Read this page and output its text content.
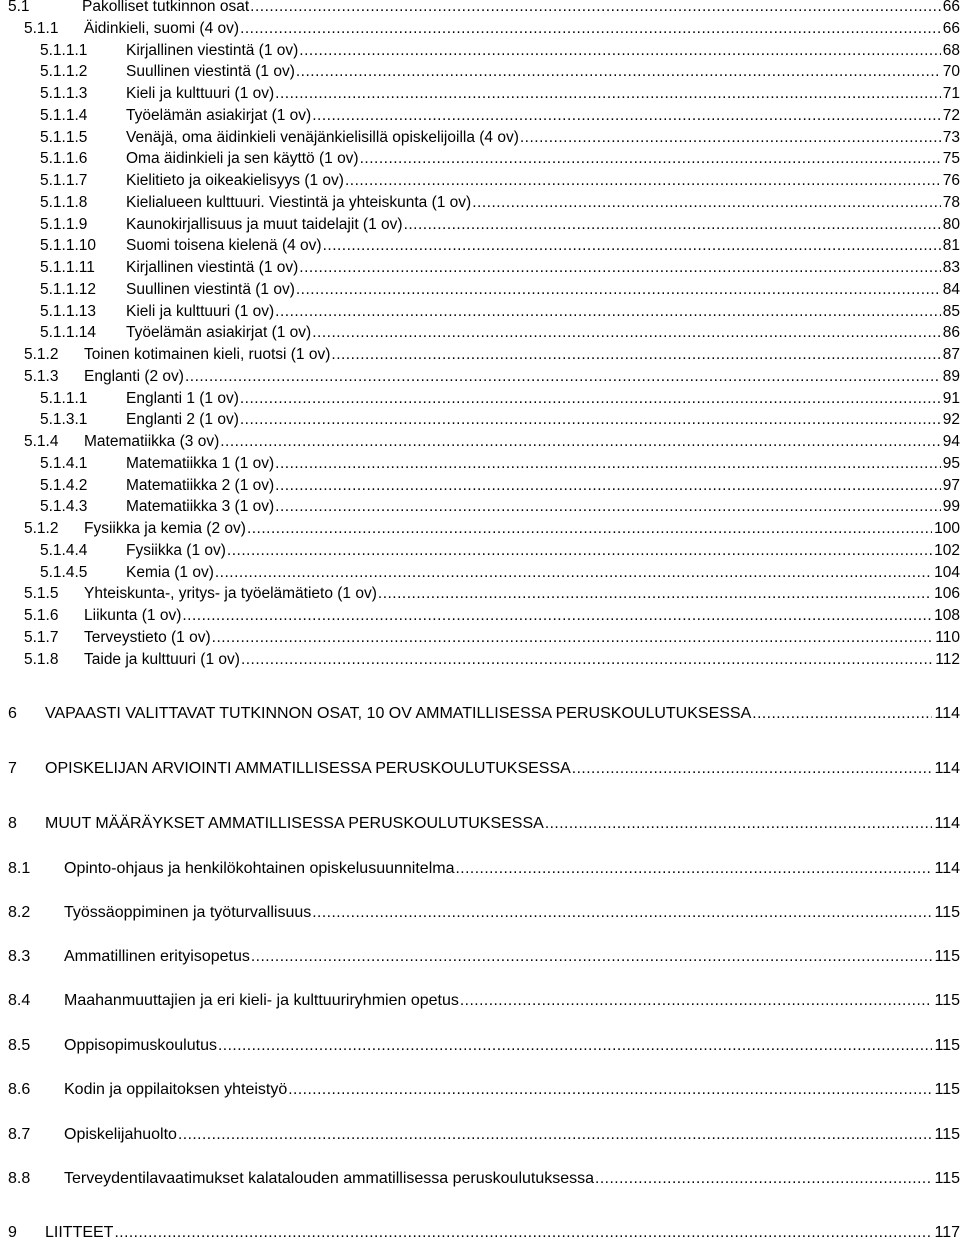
5.1	Pakolliset tutkinnon osat .....	66
5.1.1 Äidinkieli, suomi (4 ov) .....	66
5.1.1.1 Kirjallinen viestintä (1 ov) .....	68
5.1.1.2 Suullinen viestintä (1 ov) .....	70
5.1.1.3 Kieli ja kulttuuri (1 ov) .....	71
5.1.1.4 Työelämän asiakirjat (1 ov) .....	72
5.1.1.5 Venäjä, oma äidinkieli venäjänkielisillä opiskelijoilla (4 ov) .....	73
5.1.1.6 Oma äidinkieli ja sen käyttö (1 ov) .....	75
5.1.1.7 Kielitieto ja oikeakielisyys (1 ov) .....	76
5.1.1.8 Kielialueen kulttuuri. Viestintä ja yhteiskunta (1 ov) .....	78
5.1.1.9 Kaunokirjallisuus ja muut taidelajit (1 ov) .....	80
5.1.1.10 Suomi toisena kielenä (4 ov) .....	81
5.1.1.11 Kirjallinen viestintä (1 ov) .....	83
5.1.1.12 Suullinen viestintä (1 ov) .....	84
5.1.1.13 Kieli ja kulttuuri (1 ov) .....	85
5.1.1.14 Työelämän asiakirjat (1 ov) .....	86
5.1.2 Toinen kotimainen kieli, ruotsi (1 ov) .....	87
5.1.3 Englanti (2 ov) .....	89
5.1.1.1 Englanti 1 (1 ov) .....	91
5.1.3.1 Englanti 2 (1 ov) .....	92
5.1.4 Matematiikka (3 ov) .....	94
5.1.4.1 Matematiikka 1 (1 ov) .....	95
5.1.4.2 Matematiikka 2 (1 ov) .....	97
5.1.4.3 Matematiikka 3 (1 ov) .....	99
5.1.2 Fysiikka ja kemia (2 ov) .....	100
5.1.4.4 Fysiikka (1 ov) .....	102
5.1.4.5 Kemia (1 ov) .....	104
5.1.5 Yhteiskunta-, yritys- ja työelämätieto (1 ov) .....	106
5.1.6 Liikunta (1 ov) .....	108
5.1.7 Terveystieto (1 ov) .....	110
5.1.8 Taide ja kulttuuri (1 ov) .....	112
6 VAPAASTI VALITTAVAT TUTKINNON OSAT, 10 OV AMMATILLISESSA PERUSKOULUTUKSESSA .....	114
7 OPISKELIJAN ARVIOINTI AMMATILLISESSA PERUSKOULUTUKSESSA .....	114
8 MUUT MÄÄRÄYKSET AMMATILLISESSA PERUSKOULUTUKSESSA .....	114
8.1 Opinto-ohjaus ja henkilökohtainen opiskelusuunnitelma .....	114
8.2 Työssäoppiminen ja työturvallisuus .....	115
8.3 Ammatillinen erityisopetus .....	115
8.4 Maahanmuuttajien ja eri kieli- ja kulttuuriryhmien opetus .....	115
8.5 Oppisopimuskoulutus .....	115
8.6 Kodin ja oppilaitoksen yhteistyö .....	115
8.7 Opiskelijahuolto .....	115
8.8 Terveydentilavaatimukset kalatalouden ammatillisessa peruskoulutuksessa .....	115
9 LIITTEET .....	117
